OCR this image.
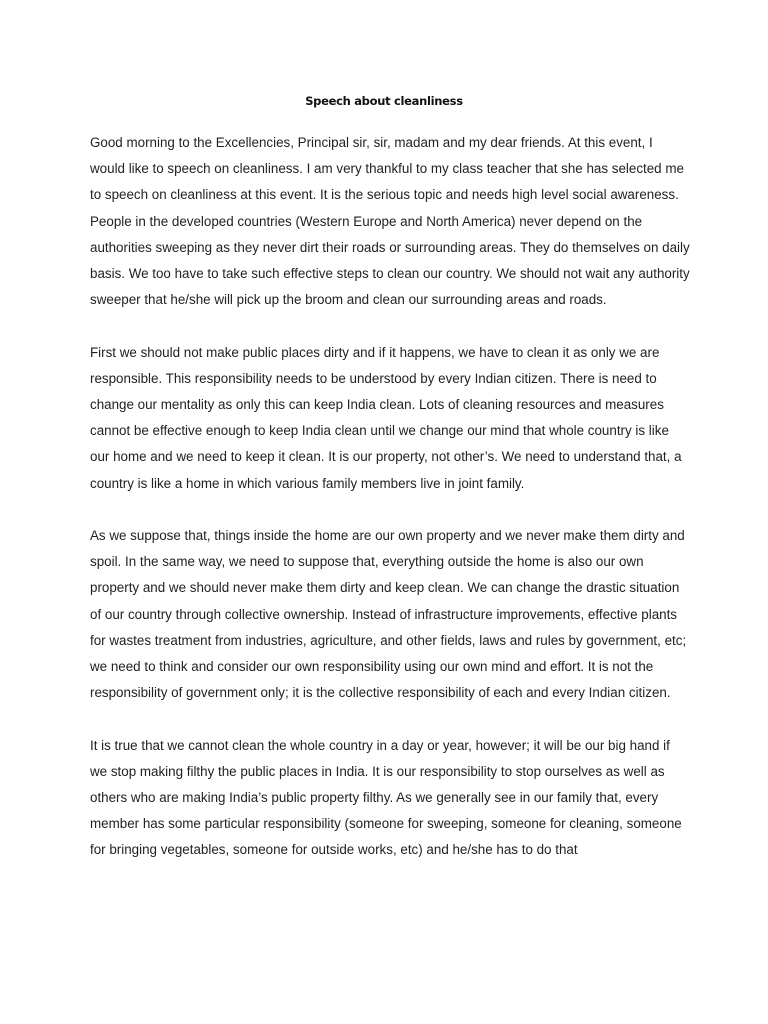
Speech about cleanliness

Good morning to the Excellencies, Principal sir, sir, madam and my dear friends. At this event, I would like to speech on cleanliness. I am very thankful to my class teacher that she has selected me to speech on cleanliness at this event. It is the serious topic and needs high level social awareness. People in the developed countries (Western Europe and North America) never depend on the authorities sweeping as they never dirt their roads or surrounding areas. They do themselves on daily basis. We too have to take such effective steps to clean our country. We should not wait any authority sweeper that he/she will pick up the broom and clean our surrounding areas and roads.

First we should not make public places dirty and if it happens, we have to clean it as only we are responsible. This responsibility needs to be understood by every Indian citizen. There is need to change our mentality as only this can keep India clean. Lots of cleaning resources and measures cannot be effective enough to keep India clean until we change our mind that whole country is like our home and we need to keep it clean. It is our property, not other’s. We need to understand that, a country is like a home in which various family members live in joint family.

As we suppose that, things inside the home are our own property and we never make them dirty and spoil. In the same way, we need to suppose that, everything outside the home is also our own property and we should never make them dirty and keep clean. We can change the drastic situation of our country through collective ownership. Instead of infrastructure improvements, effective plants for wastes treatment from industries, agriculture, and other fields, laws and rules by government, etc; we need to think and consider our own responsibility using our own mind and effort. It is not the responsibility of government only; it is the collective responsibility of each and every Indian citizen.

It is true that we cannot clean the whole country in a day or year, however; it will be our big hand if we stop making filthy the public places in India. It is our responsibility to stop ourselves as well as others who are making India’s public property filthy. As we generally see in our family that, every member has some particular responsibility (someone for sweeping, someone for cleaning, someone for bringing vegetables, someone for outside works, etc) and he/she has to do that
